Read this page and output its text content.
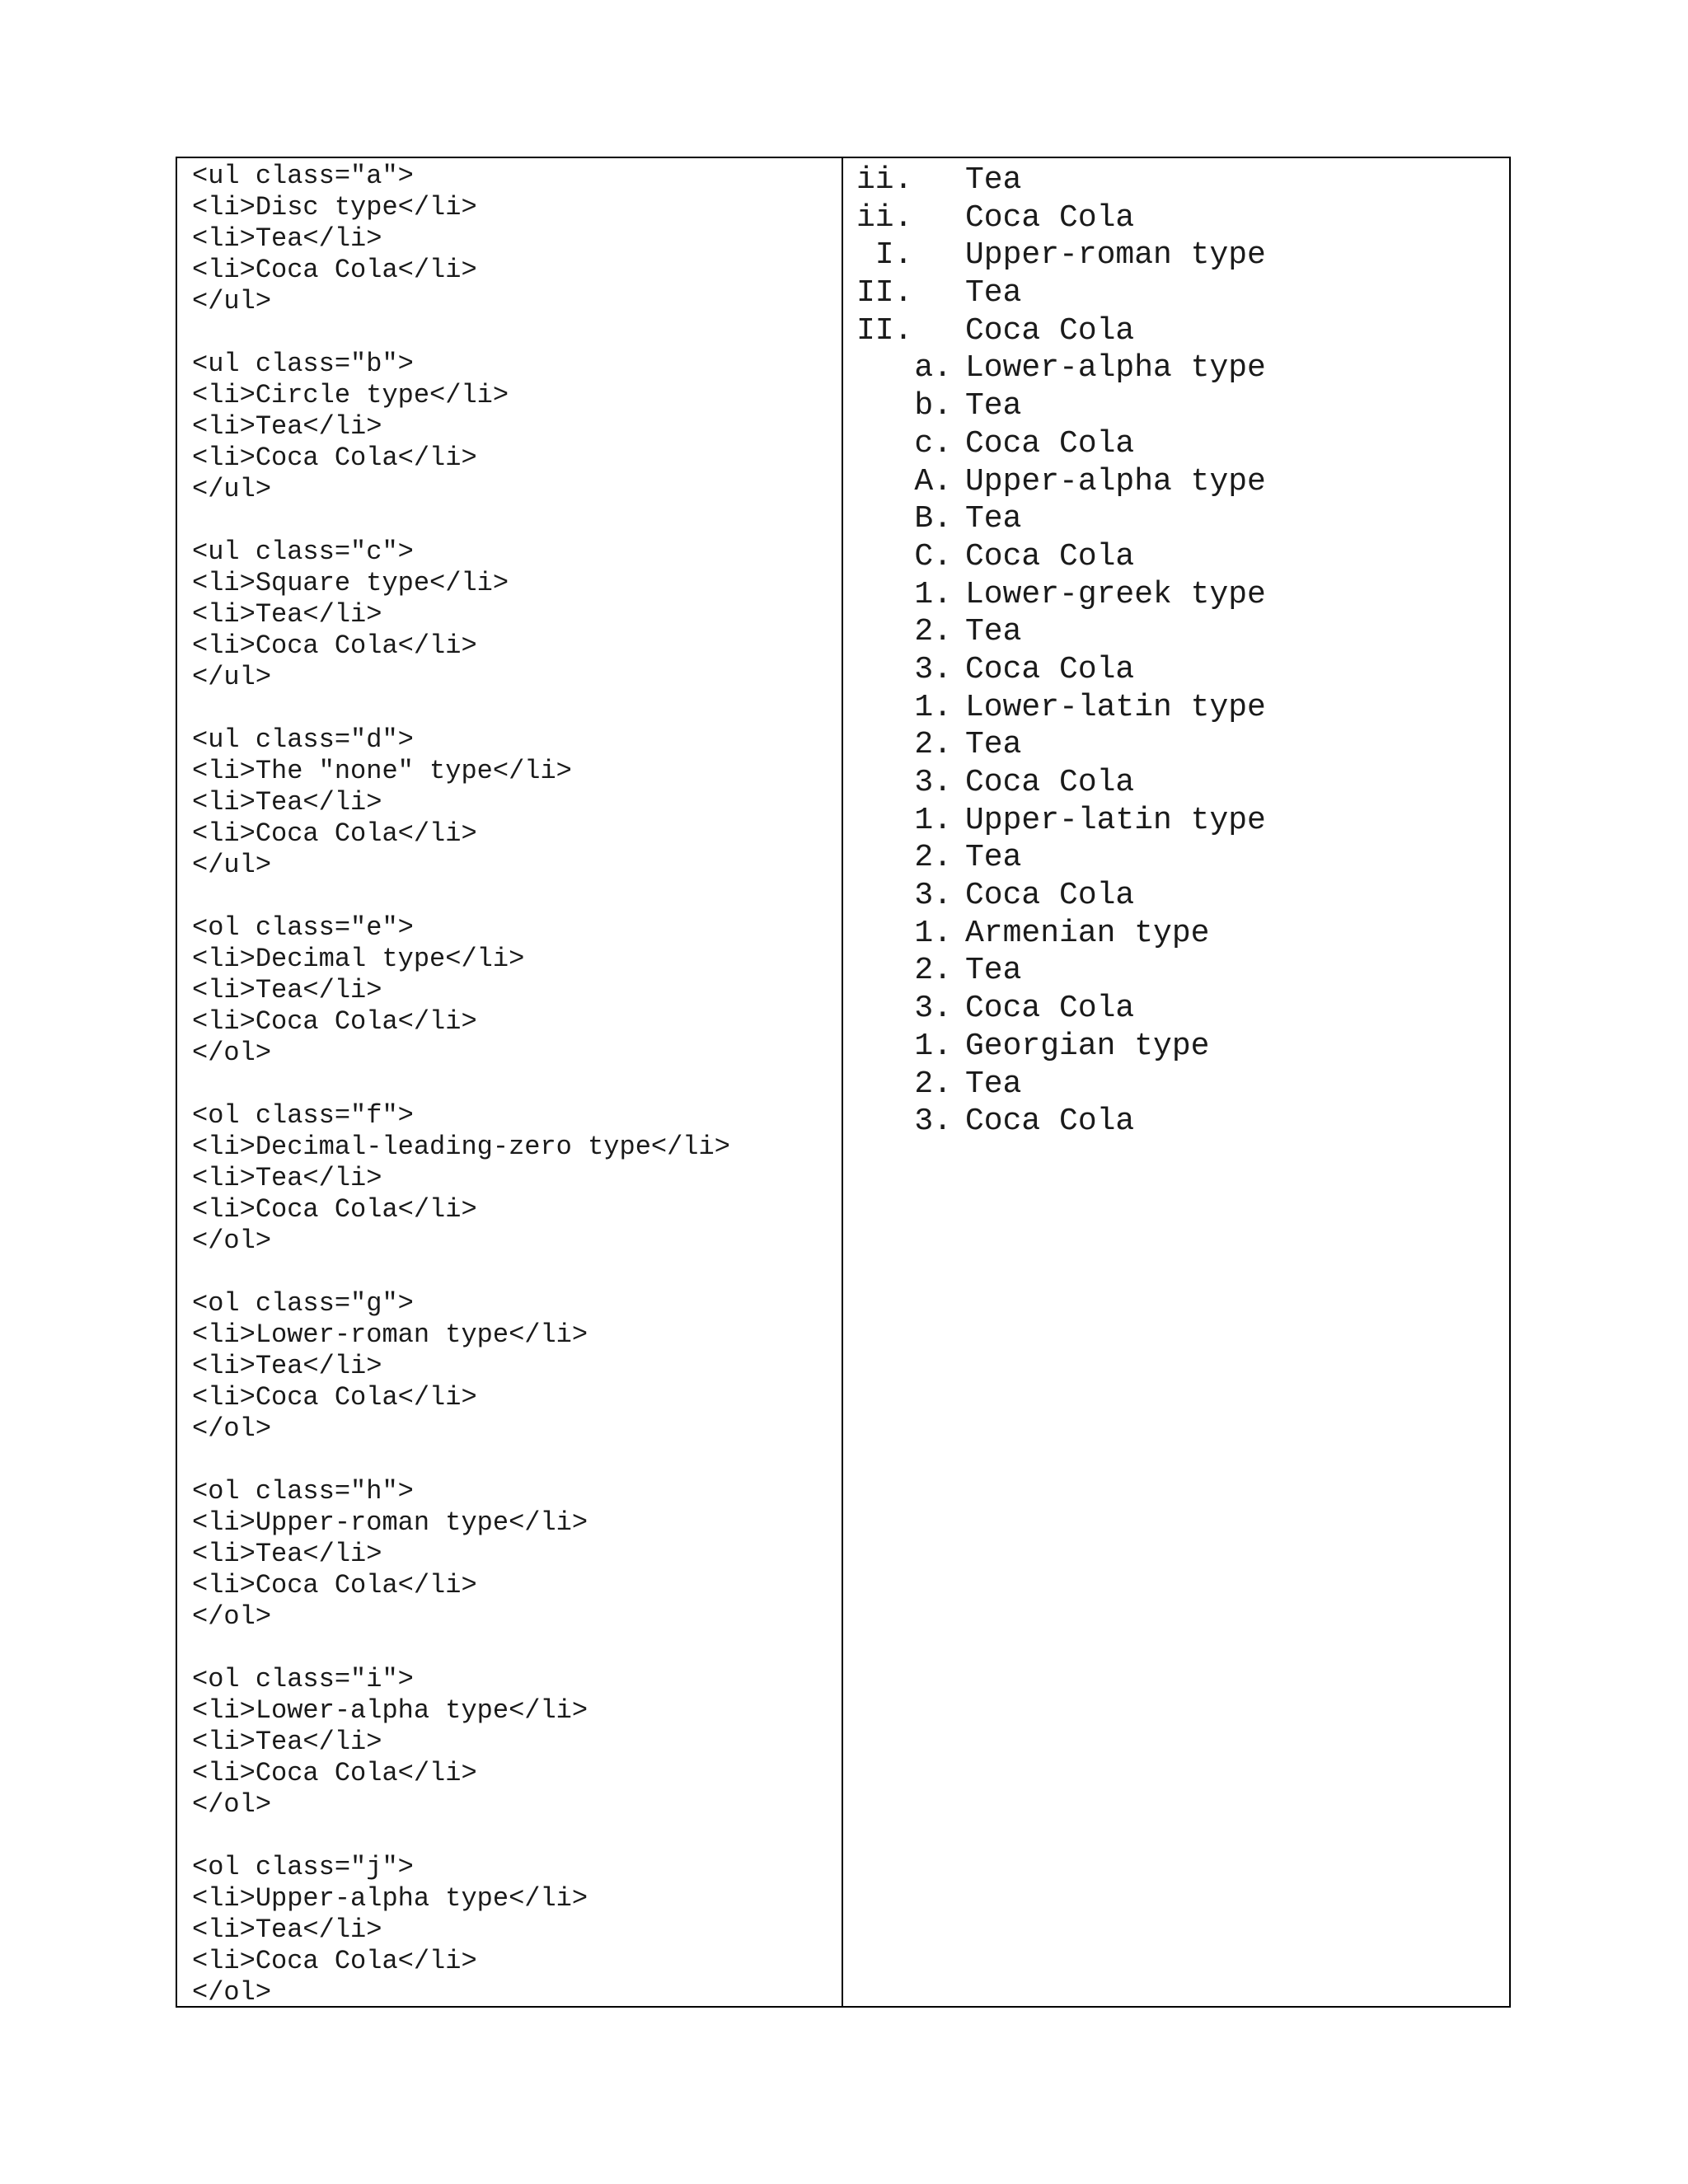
<ul class="a">
<li>Disc type</li>
<li>Tea</li>
<li>Coca Cola</li>
</ul>
<ul class="b">
<li>Circle type</li>
<li>Tea</li>
<li>Coca Cola</li>
</ul>
<ul class="c">
<li>Square type</li>
<li>Tea</li>
<li>Coca Cola</li>
</ul>
<ul class="d">
<li>The "none" type</li>
<li>Tea</li>
<li>Coca Cola</li>
</ul>
<ol class="e">
<li>Decimal type</li>
<li>Tea</li>
<li>Coca Cola</li>
</ol>
<ol class="f">
<li>Decimal-leading-zero type</li>
<li>Tea</li>
<li>Coca Cola</li>
</ol>
<ol class="g">
<li>Lower-roman type</li>
<li>Tea</li>
<li>Coca Cola</li>
</ol>
<ol class="h">
<li>Upper-roman type</li>
<li>Tea</li>
<li>Coca Cola</li>
</ol>
<ol class="i">
<li>Lower-alpha type</li>
<li>Tea</li>
<li>Coca Cola</li>
</ol>
<ol class="j">
<li>Upper-alpha type</li>
<li>Tea</li>
<li>Coca Cola</li>
</ol>
ii.	Tea
ii.	Coca Cola
I.	Upper-roman type
II.	Tea
II.	Coca Cola
a. Lower-alpha type
b. Tea
c. Coca Cola
A. Upper-alpha type
B. Tea
C. Coca Cola
1. Lower-greek type
2. Tea
3. Coca Cola
1. Lower-latin type
2. Tea
3. Coca Cola
1. Upper-latin type
2. Tea
3. Coca Cola
1. Armenian type
2. Tea
3. Coca Cola
1. Georgian type
2. Tea
3. Coca Cola
